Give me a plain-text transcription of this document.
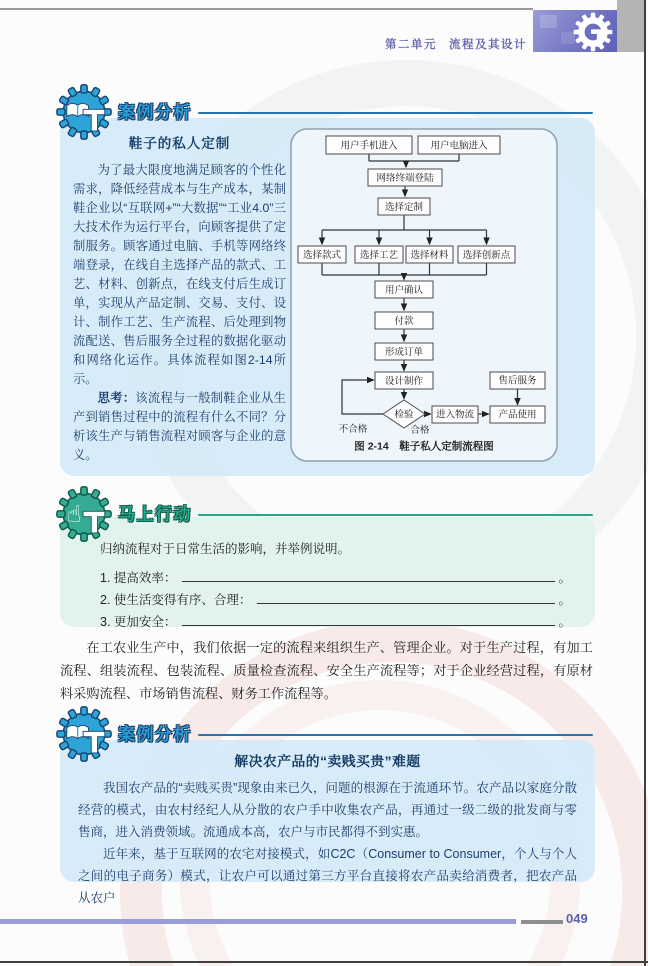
第二单元 流程及其设计
案例分析
鞋子的私人定制

为了最大限度地满足顾客的个性化需求，降低经营成本与生产成本，某制鞋企业以“互联网+”“大数据”“工业4.0”三大技术作为运行平台，向顾客提供了定制服务。顾客通过电脑、手机等网络终端登录，在线自主选择产品的款式、工艺、材料、创新点，在线支付后生成订单，实现从产品定制、交易、支付、设计、制作工艺、生产流程、后处理到物流配送、售后服务全过程的数据化驱动和网络化运作。具体流程如图2-14所示。

思考：该流程与一般制鞋企业从生产到销售过程中的流程有什么不同？分析该生产与销售流程对顾客与企业的意义。

用户手机进入	用户电脑进入
网络终端登陆
选择定制
选择款式 选择工艺 选择材料 选择创新点
用户确认
付款
形成订单
设计制作
检验 进入物流	产品使用
售后服务
不合格	合格
图 2-14　鞋子私人定制流程图
☝ 马上行动

归纳流程对于日常生活的影响，并举例说明。

1. 提高效率：	。
2. 使生活变得有序、合理：	。
3. 更加安全：	。

在工农业生产中，我们依据一定的流程来组织生产、管理企业。对于生产过程，有加工流程、组装流程、包装流程、质量检查流程、安全生产流程等；对于企业经营过程，有原材料采购流程、市场销售流程、财务工作流程等。

案例分析
解决农产品的“卖贱买贵”难题

我国农产品的“卖贱买贵”现象由来已久，问题的根源在于流通环节。农产品以家庭分散经营的模式，由农村经纪人从分散的农户手中收集农产品，再通过一级二级的批发商与零售商，进入消费领域。流通成本高，农户与市民都得不到实惠。

近年来，基于互联网的农宅对接模式，如C2C（Consumer to Consumer，个人与个人之间的电子商务）模式，让农户可以通过第三方平台直接将农产品卖给消费者，把农产品从农户

049
